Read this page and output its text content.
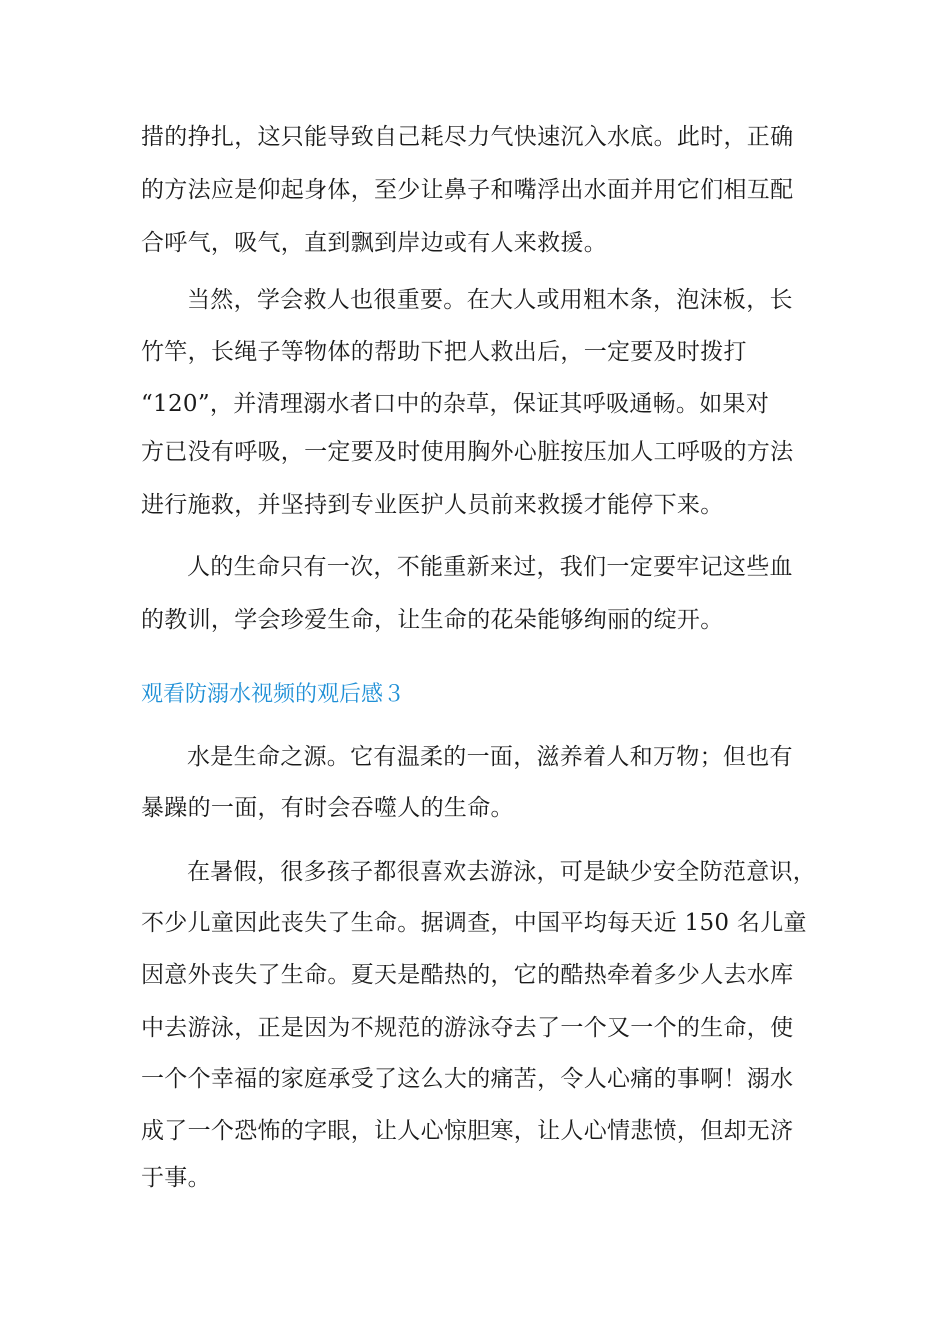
措的挣扎，这只能导致自己耗尽力气快速沉入水底。此时，正确
的方法应是仰起身体，至少让鼻子和嘴浮出水面并用它们相互配
合呼气，吸气，直到飘到岸边或有人来救援。
当然，学会救人也很重要。在大人或用粗木条，泡沫板，长
竹竿，长绳子等物体的帮助下把人救出后，一定要及时拨打
“120”，并清理溺水者口中的杂草，保证其呼吸通畅。如果对
方已没有呼吸，一定要及时使用胸外心脏按压加人工呼吸的方法
进行施救，并坚持到专业医护人员前来救援才能停下来。
人的生命只有一次，不能重新来过，我们一定要牢记这些血
的教训，学会珍爱生命，让生命的花朵能够绚丽的绽开。
观看防溺水视频的观后感３
水是生命之源。它有温柔的一面，滋养着人和万物；但也有
暴躁的一面，有时会吞噬人的生命。
在暑假，很多孩子都很喜欢去游泳，可是缺少安全防范意识，
不少儿童因此丧失了生命。据调查，中国平均每天近 150 名儿童
因意外丧失了生命。夏天是酷热的，它的酷热牵着多少人去水库
中去游泳，正是因为不规范的游泳夺去了一个又一个的生命，使
一个个幸福的家庭承受了这么大的痛苦，令人心痛的事啊！溺水
成了一个恐怖的字眼，让人心惊胆寒，让人心情悲愤，但却无济
于事。
